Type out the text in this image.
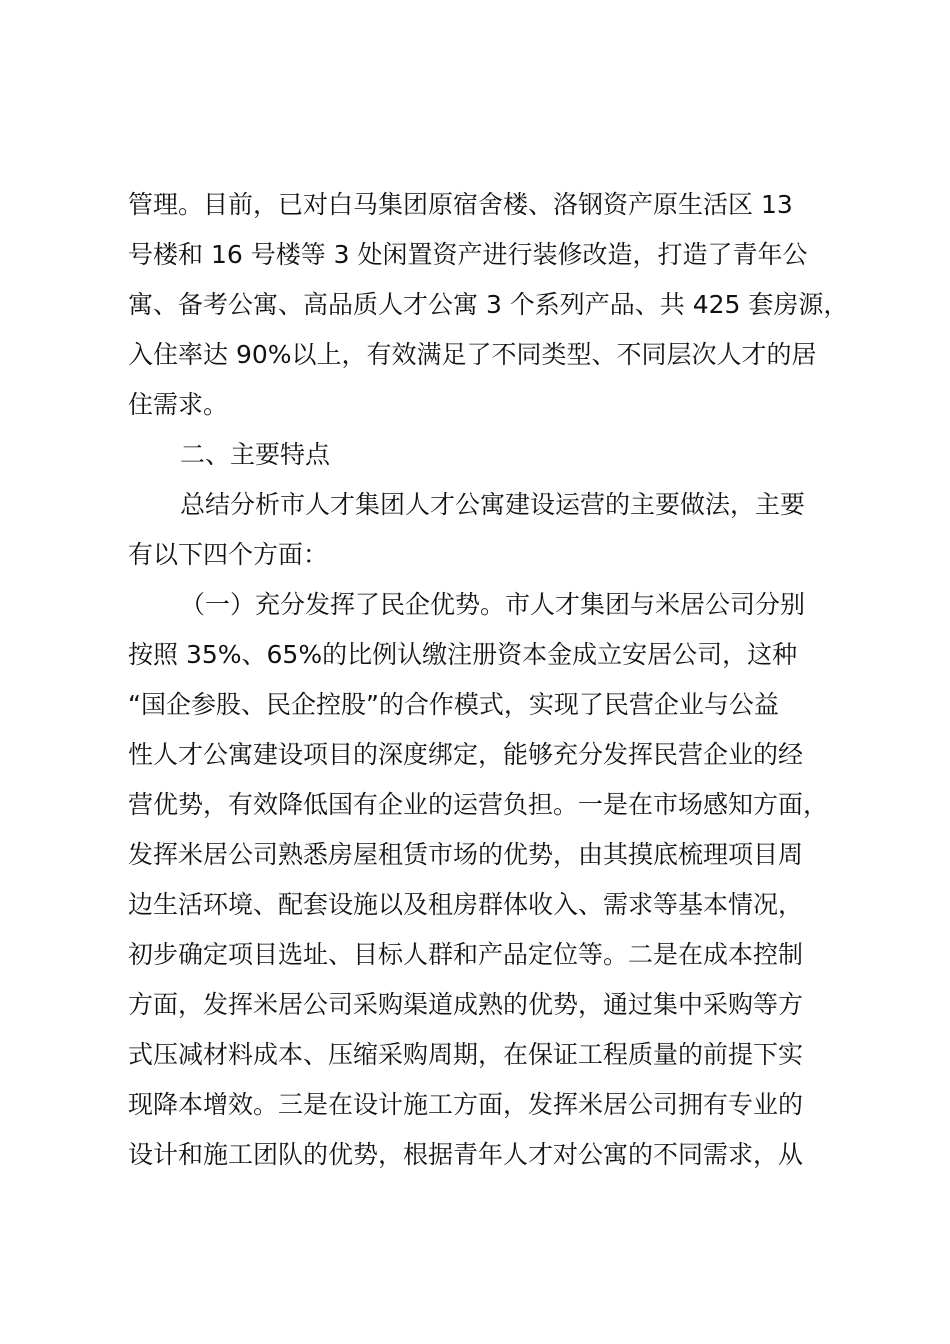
管理。目前，已对白马集团原宿舍楼、洛钢资产原生活区 13
号楼和 16 号楼等 3 处闲置资产进行装修改造，打造了青年公
寓、备考公寓、高品质人才公寓 3 个系列产品、共 425 套房源，
入住率达 90%以上，有效满足了不同类型、不同层次人才的居
住需求。
二、主要特点
总结分析市人才集团人才公寓建设运营的主要做法，主要
有以下四个方面：
（一）充分发挥了民企优势。市人才集团与米居公司分别
按照 35%、65%的比例认缴注册资本金成立安居公司，这种
“国企参股、民企控股”的合作模式，实现了民营企业与公益
性人才公寓建设项目的深度绑定，能够充分发挥民营企业的经
营优势，有效降低国有企业的运营负担。一是在市场感知方面，
发挥米居公司熟悉房屋租赁市场的优势，由其摸底梳理项目周
边生活环境、配套设施以及租房群体收入、需求等基本情况，
初步确定项目选址、目标人群和产品定位等。二是在成本控制
方面，发挥米居公司采购渠道成熟的优势，通过集中采购等方
式压减材料成本、压缩采购周期，在保证工程质量的前提下实
现降本增效。三是在设计施工方面，发挥米居公司拥有专业的
设计和施工团队的优势，根据青年人才对公寓的不同需求，从
